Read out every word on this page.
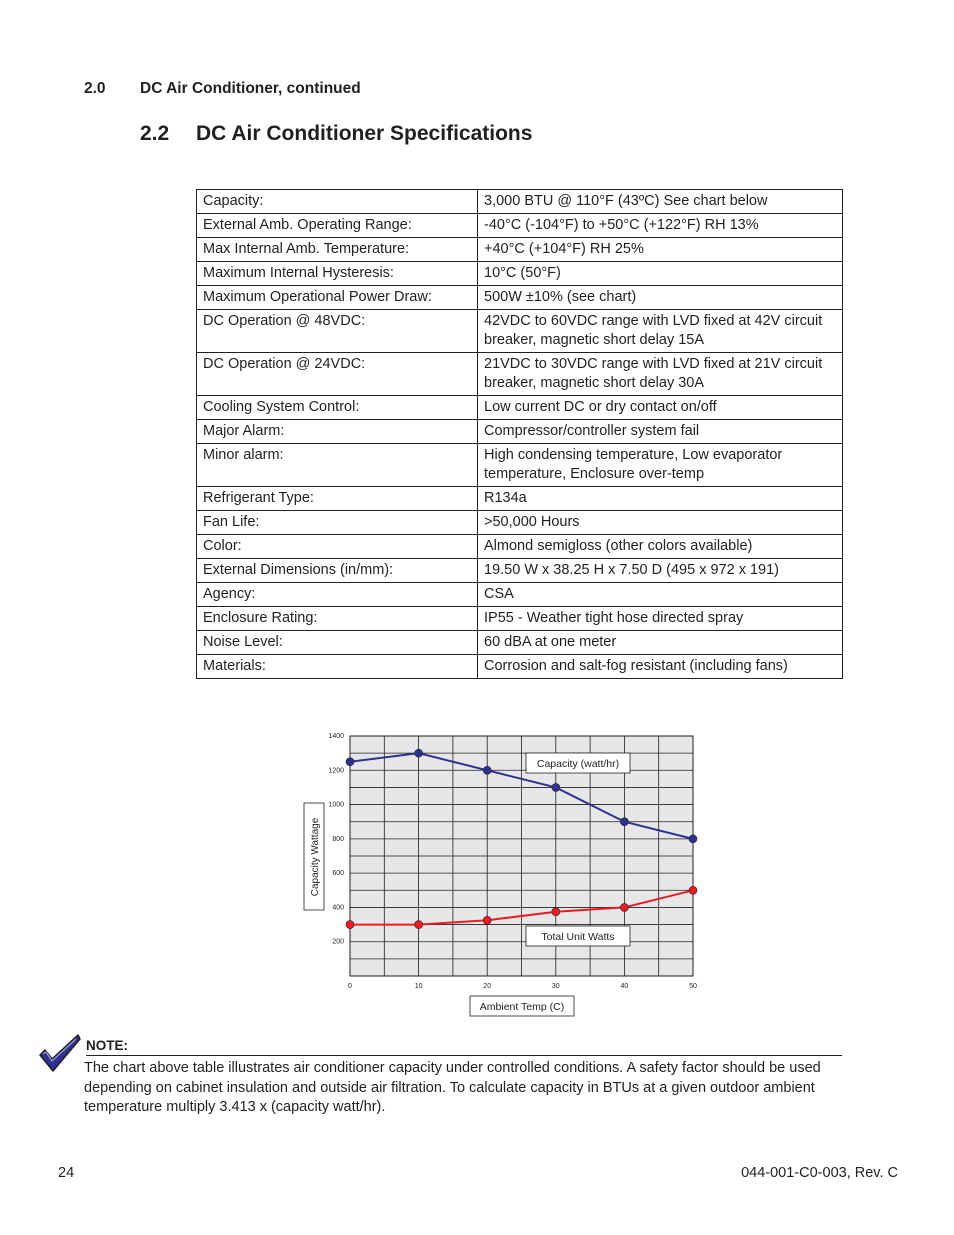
2.0 DC Air Conditioner, continued
2.2 DC Air Conditioner Specifications
Capacity:	3,000 BTU @ 110°F (43ºC) See chart below
External Amb. Operating Range:	-40°C (-104°F) to +50°C (+122°F) RH 13%
Max Internal Amb. Temperature:	+40°C (+104°F) RH 25%
Maximum Internal Hysteresis:	10°C (50°F)
Maximum Operational Power Draw:	500W ±10% (see chart)
DC Operation @ 48VDC:	42VDC to 60VDC range with LVD fixed at 42V circuit breaker, magnetic short delay 15A
DC Operation @ 24VDC:	21VDC to 30VDC range with LVD fixed at 21V circuit breaker, magnetic short delay 30A
Cooling System Control:	Low current DC or dry contact on/off
Major Alarm:	Compressor/controller system fail
Minor alarm:	High condensing temperature, Low evaporator temperature, Enclosure over-temp
Refrigerant Type:	R134a
Fan Life:	>50,000 Hours
Color:	Almond semigloss (other colors available)
External Dimensions (in/mm):	19.50 W x 38.25 H x 7.50 D (495 x 972 x 191)
Agency:	CSA
Enclosure Rating:	IP55 - Weather tight hose directed spray
Noise Level:	60 dBA at one meter
Materials:	Corrosion and salt-fog resistant (including fans)
200
400
600
800
1000
1200
1400
0	10	20	30	40	50
Capacity Wattage
Ambient Temp (C)
Capacity (watt/hr)
Total Unit Watts
NOTE:
The chart above table illustrates air conditioner capacity under controlled conditions. A safety factor should be used depending on cabinet insulation and outside air filtration. To calculate capacity in BTUs at a given outdoor ambient temperature multiply 3.413 x (capacity watt/hr).
24	044-001-C0-003, Rev. C
